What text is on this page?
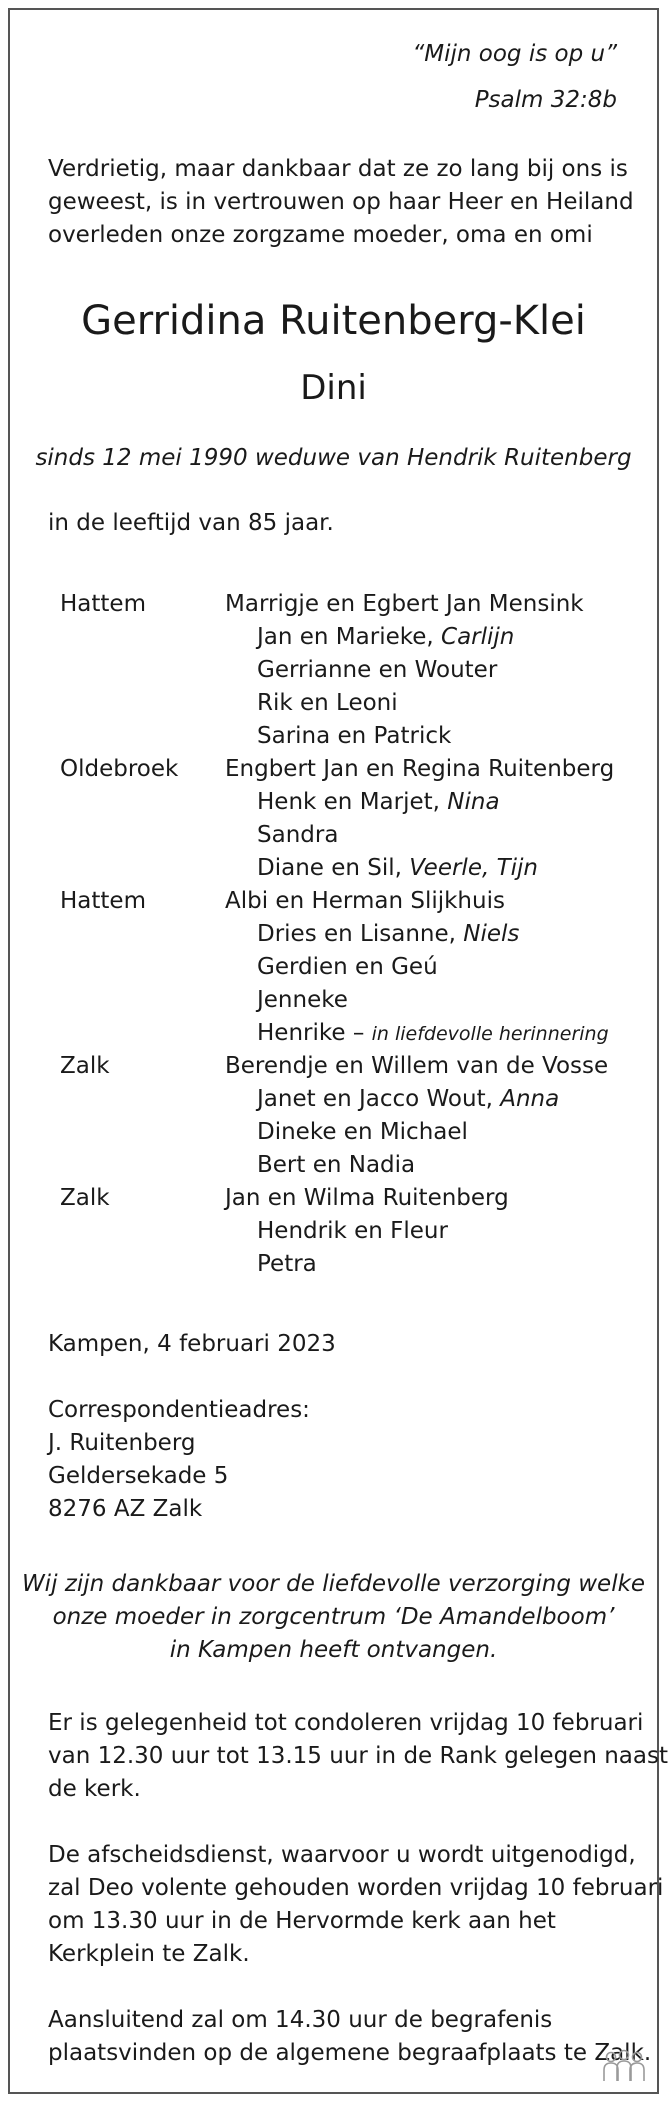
“Mijn oog is op u”
Psalm 32:8b
Verdrietig, maar dankbaar dat ze zo lang bij ons is
geweest, is in vertrouwen op haar Heer en Heiland
overleden onze zorgzame moeder, oma en omi
Gerridina Ruitenberg-Klei
Dini
sinds 12 mei 1990 weduwe van Hendrik Ruitenberg
in de leeftijd van 85 jaar.
Hattem	Marrigje en Egbert Jan Mensink
Jan en Marieke, Carlijn
Gerrianne en Wouter
Rik en Leoni
Sarina en Patrick
Oldebroek Engbert Jan en Regina Ruitenberg
Henk en Marjet, Nina
Sandra
Diane en Sil, Veerle, Tijn
Hattem	Albi en Herman Slijkhuis
Dries en Lisanne, Niels
Gerdien en Geú
Jenneke
Henrike – in liefdevolle herinnering
Zalk	Berendje en Willem van de Vosse
Janet en Jacco Wout, Anna
Dineke en Michael
Bert en Nadia
Zalk	Jan en Wilma Ruitenberg
Hendrik en Fleur
Petra
Kampen, 4 februari 2023
Correspondentieadres:
J. Ruitenberg
Geldersekade 5
8276 AZ Zalk
Wij zijn dankbaar voor de liefdevolle verzorging welke
onze moeder in zorgcentrum ‘De Amandelboom’
in Kampen heeft ontvangen.
Er is gelegenheid tot condoleren vrijdag 10 februari
van 12.30 uur tot 13.15 uur in de Rank gelegen naast
de kerk.
De afscheidsdienst, waarvoor u wordt uitgenodigd,
zal Deo volente gehouden worden vrijdag 10 februari
om 13.30 uur in de Hervormde kerk aan het
Kerkplein te Zalk.
Aansluitend zal om 14.30 uur de begrafenis
plaatsvinden op de algemene begraafplaats te Zalk.
